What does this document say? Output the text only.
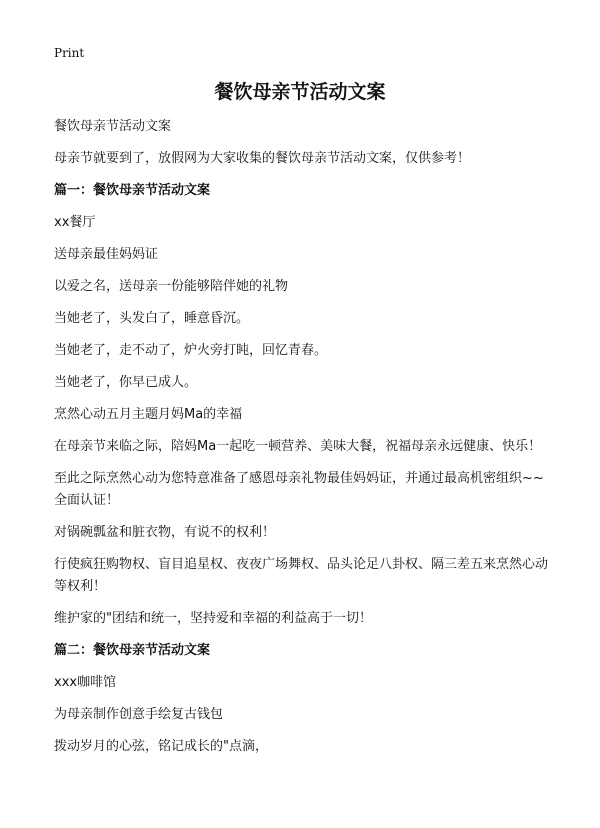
Print
餐饮母亲节活动文案

餐饮母亲节活动文案

母亲节就要到了，放假网为大家收集的餐饮母亲节活动文案，仅供参考！

篇一：餐饮母亲节活动文案

xx餐厅

送母亲最佳妈妈证

以爱之名，送母亲一份能够陪伴她的礼物

当她老了，头发白了，睡意昏沉。

当她老了，走不动了，炉火旁打盹，回忆青春。

当她老了，你早已成人。

烹然心动五月主题月妈Ma的幸福

在母亲节来临之际，陪妈Ma一起吃一顿营养、美味大餐，祝福母亲永远健康、快乐！

至此之际烹然心动为您特意准备了感恩母亲礼物最佳妈妈证，并通过最高机密组织~~全面认证！

对锅碗瓢盆和脏衣物，有说不的权利！

行使疯狂购物权、盲目追星权、夜夜广场舞权、品头论足八卦权、隔三差五来烹然心动等权利！

维护家的"团结和统一，坚持爱和幸福的利益高于一切！

篇二：餐饮母亲节活动文案

xxx咖啡馆

为母亲制作创意手绘复古钱包

拨动岁月的心弦，铭记成长的"点滴，
